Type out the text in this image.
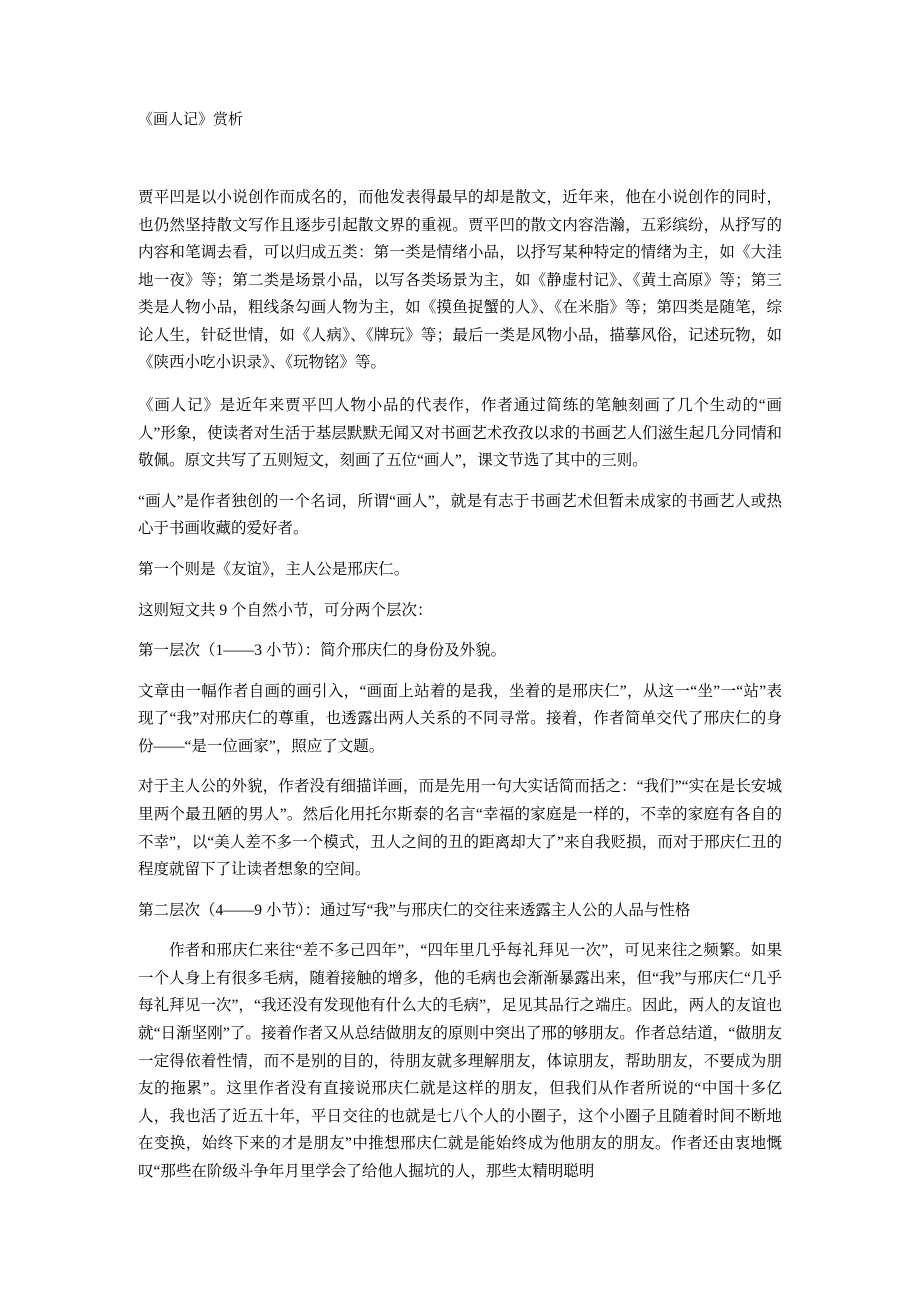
《画人记》赏析

贾平凹是以小说创作而成名的，而他发表得最早的却是散文，近年来，他在小说创作的同时，也仍然坚持散文写作且逐步引起散文界的重视。贾平凹的散文内容浩瀚，五彩缤纷，从抒写的内容和笔调去看，可以归成五类：第一类是情绪小品，以抒写某种特定的情绪为主，如《大洼地一夜》等；第二类是场景小品，以写各类场景为主，如《静虚村记》、《黄土高原》等；第三类是人物小品，粗线条勾画人物为主，如《摸鱼捉蟹的人》、《在米脂》等；第四类是随笔，综论人生，针砭世情，如《人病》、《牌玩》等；最后一类是风物小品，描摹风俗，记述玩物，如《陕西小吃小识录》、《玩物铭》等。

《画人记》是近年来贾平凹人物小品的代表作，作者通过简练的笔触刻画了几个生动的“画人”形象，使读者对生活于基层默默无闻又对书画艺术孜孜以求的书画艺人们滋生起几分同情和敬佩。原文共写了五则短文，刻画了五位“画人”，课文节选了其中的三则。

“画人”是作者独创的一个名词，所谓“画人”，就是有志于书画艺术但暂未成家的书画艺人或热心于书画收藏的爱好者。

第一个则是《友谊》，主人公是邢庆仁。

这则短文共 9 个自然小节，可分两个层次：

第一层次（1——3 小节）：简介邢庆仁的身份及外貌。

文章由一幅作者自画的画引入，“画面上站着的是我，坐着的是邢庆仁”，从这一“坐”一“站”表现了“我”对邢庆仁的尊重，也透露出两人关系的不同寻常。接着，作者简单交代了邢庆仁的身份——“是一位画家”，照应了文题。

对于主人公的外貌，作者没有细描详画，而是先用一句大实话简而括之：“我们”“实在是长安城里两个最丑陋的男人”。然后化用托尔斯泰的名言“幸福的家庭是一样的，不幸的家庭有各自的不幸”，以“美人差不多一个模式，丑人之间的丑的距离却大了”来自我贬损，而对于邢庆仁丑的程度就留下了让读者想象的空间。

第二层次（4——9 小节）：通过写“我”与邢庆仁的交往来透露主人公的人品与性格

作者和邢庆仁来往“差不多己四年”，“四年里几乎每礼拜见一次”，可见来往之频繁。如果一个人身上有很多毛病，随着接触的增多，他的毛病也会渐渐暴露出来，但“我”与邢庆仁“几乎每礼拜见一次”，“我还没有发现他有什么大的毛病”，足见其品行之端庄。因此，两人的友谊也就“日渐坚刚”了。接着作者又从总结做朋友的原则中突出了邢的够朋友。作者总结道，“做朋友一定得依着性情，而不是别的目的，待朋友就多理解朋友，体谅朋友，帮助朋友，不要成为朋友的拖累”。这里作者没有直接说邢庆仁就是这样的朋友，但我们从作者所说的“中国十多亿人，我也活了近五十年，平日交往的也就是七八个人的小圈子，这个小圈子且随着时间不断地在变换，始终下来的才是朋友”中推想邢庆仁就是能始终成为他朋友的朋友。作者还由衷地慨叹“那些在阶级斗争年月里学会了给他人掘坑的人，那些太精明聪明
